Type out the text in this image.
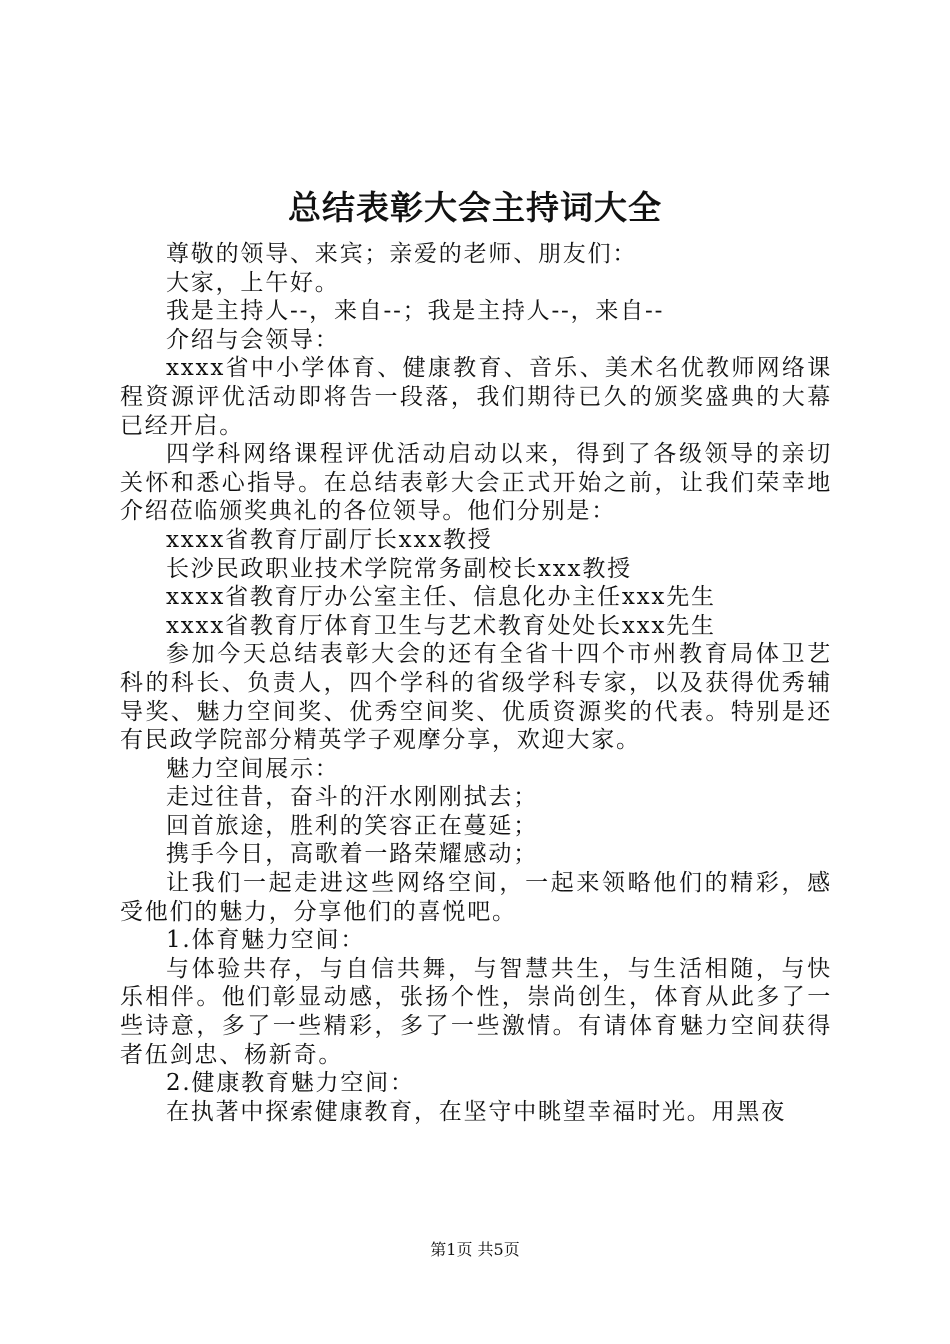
总结表彰大会主持词大全

尊敬的领导、来宾；亲爱的老师、朋友们：

大家，上午好。

我是主持人--，来自--；我是主持人--，来自--

介绍与会领导：

xxxx省中小学体育、健康教育、音乐、美术名优教师网络课程资源评优活动即将告一段落，我们期待已久的颁奖盛典的大幕已经开启。

四学科网络课程评优活动启动以来，得到了各级领导的亲切关怀和悉心指导。在总结表彰大会正式开始之前，让我们荣幸地介绍莅临颁奖典礼的各位领导。他们分别是：

xxxx省教育厅副厅长xxx教授

长沙民政职业技术学院常务副校长xxx教授

xxxx省教育厅办公室主任、信息化办主任xxx先生

xxxx省教育厅体育卫生与艺术教育处处长xxx先生

参加今天总结表彰大会的还有全省十四个市州教育局体卫艺科的科长、负责人，四个学科的省级学科专家，以及获得优秀辅导奖、魅力空间奖、优秀空间奖、优质资源奖的代表。特别是还有民政学院部分精英学子观摩分享，欢迎大家。

魅力空间展示：

走过往昔，奋斗的汗水刚刚拭去；

回首旅途，胜利的笑容正在蔓延；

携手今日，高歌着一路荣耀感动；

让我们一起走进这些网络空间，一起来领略他们的精彩，感受他们的魅力，分享他们的喜悦吧。

1.体育魅力空间：

与体验共存，与自信共舞，与智慧共生，与生活相随，与快乐相伴。他们彰显动感，张扬个性，崇尚创生，体育从此多了一些诗意，多了一些精彩，多了一些激情。有请体育魅力空间获得者伍剑忠、杨新奇。

2.健康教育魅力空间：

在执著中探索健康教育，在坚守中眺望幸福时光。用黑夜

第1页 共5页
